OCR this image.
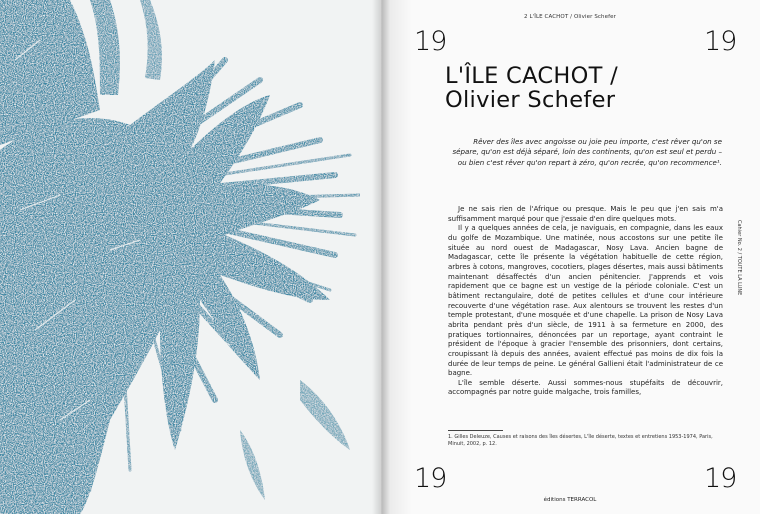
2 L'ÎLE CACHOT / Olivier Schefer
19	19
19	19
L'ÎLE CACHOT /
Olivier Schefer
Rêver des îles avec angoisse ou joie peu importe, c'est rêver qu'on se sépare, qu'on est déjà séparé, loin des continents, qu'on est seul et perdu – ou bien c'est rêver qu'on repart à zéro, qu'on recrée, qu'on recommence¹.

Je ne sais rien de l'Afrique ou presque. Mais le peu que j'en sais m'a suffisamment marqué pour que j'essaie d'en dire quelques mots.

Il y a quelques années de cela, je naviguais, en compagnie, dans les eaux du golfe de Mozambique. Une matinée, nous accostons sur une petite île située au nord ouest de Madagascar, Nosy Lava. Ancien bagne de Madagascar, cette île présente la végétation habituelle de cette région, arbres à cotons, mangroves, cocotiers, plages désertes, mais aussi bâtiments maintenant désaffectés d'un ancien pénitencier. J'apprends et vois rapidement que ce bagne est un vestige de la période coloniale. C'est un bâtiment rectangulaire, doté de petites cellules et d'une cour intérieure recouverte d'une végétation rase. Aux alentours se trouvent les restes d'un temple protestant, d'une mosquée et d'une chapelle. La prison de Nosy Lava abrita pendant près d'un siècle, de 1911 à sa fermeture en 2000, des pratiques tortionnaires, dénoncées par un reportage, ayant contraint le président de l'époque à gracier l'ensemble des prisonniers, dont certains, croupissant là depuis des années, avaient effectué pas moins de dix fois la durée de leur temps de peine. Le général Gallieni était l'administrateur de ce bagne.

L'île semble déserte. Aussi sommes-nous stupéfaits de découvrir, accompagnés par notre guide malgache, trois familles,

1. Gilles Deleuze, Causes et raisons des îles désertes, L'île déserte, textes et entretiens 1953-1974, Paris, Minuit, 2002, p. 12.
Cahier No. 2 / TOUTE LA LUNE
éditions TERRACOL
